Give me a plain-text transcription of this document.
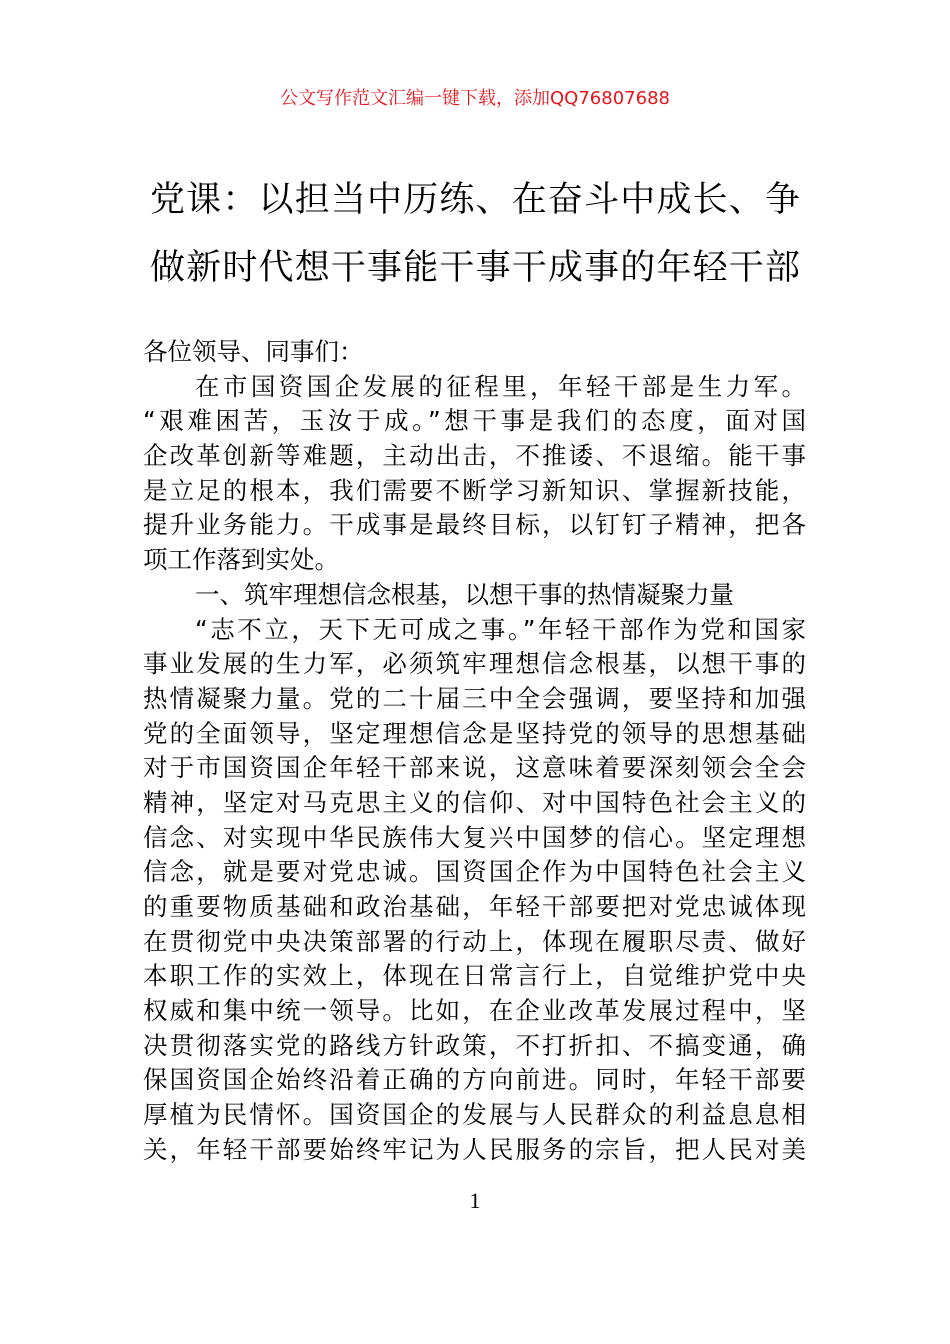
公文写作范文汇编一键下载，添加QQ76807688
党课：以担当中历练、在奋斗中成长、争
做新时代想干事能干事干成事的年轻干部
各位领导、同事们：
在市国资国企发展的征程里，年轻干部是生力军。
“艰难困苦，玉汝于成。”想干事是我们的态度，面对国
企改革创新等难题，主动出击，不推诿、不退缩。能干事
是立足的根本，我们需要不断学习新知识、掌握新技能，
提升业务能力。干成事是最终目标，以钉钉子精神，把各
项工作落到实处。
一、筑牢理想信念根基，以想干事的热情凝聚力量
“志不立，天下无可成之事。”年轻干部作为党和国家
事业发展的生力军，必须筑牢理想信念根基，以想干事的
热情凝聚力量。党的二十届三中全会强调，要坚持和加强
党的全面领导，坚定理想信念是坚持党的领导的思想基础
对于市国资国企年轻干部来说，这意味着要深刻领会全会
精神，坚定对马克思主义的信仰、对中国特色社会主义的
信念、对实现中华民族伟大复兴中国梦的信心。坚定理想
信念，就是要对党忠诚。国资国企作为中国特色社会主义
的重要物质基础和政治基础，年轻干部要把对党忠诚体现
在贯彻党中央决策部署的行动上，体现在履职尽责、做好
本职工作的实效上，体现在日常言行上，自觉维护党中央
权威和集中统一领导。比如，在企业改革发展过程中，坚
决贯彻落实党的路线方针政策，不打折扣、不搞变通，确
保国资国企始终沿着正确的方向前进。同时，年轻干部要
厚植为民情怀。国资国企的发展与人民群众的利益息息相
关，年轻干部要始终牢记为人民服务的宗旨，把人民对美
1
